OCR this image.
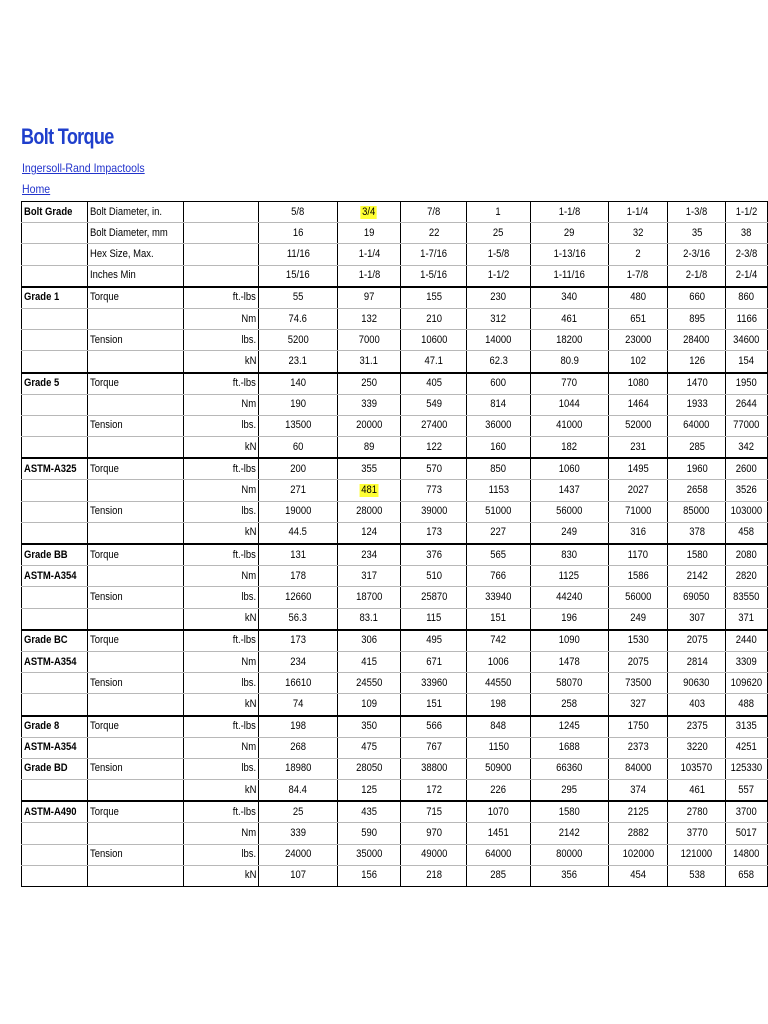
Bolt Torque
Ingersoll-Rand Impactools
Home
Bolt Grade	Bolt Diameter, in.		5/8	3/4	7/8	1	1-1/8	1-1/4	1-3/8	1-1/2
	Bolt Diameter, mm		16	19	22	25	29	32	35	38
	Hex Size, Max.		11/16	1-1/4	1-7/16	1-5/8	1-13/16	2	2-3/16	2-3/8
	Inches Min		15/16	1-1/8	1-5/16	1-1/2	1-11/16	1-7/8	2-1/8	2-1/4
Grade 1	Torque	ft.-lbs	55	97	155	230	340	480	660	860
		Nm	74.6	132	210	312	461	651	895	1166
	Tension	lbs.	5200	7000	10600	14000	18200	23000	28400	34600
		kN	23.1	31.1	47.1	62.3	80.9	102	126	154
Grade 5	Torque	ft.-lbs	140	250	405	600	770	1080	1470	1950
		Nm	190	339	549	814	1044	1464	1933	2644
	Tension	lbs.	13500	20000	27400	36000	41000	52000	64000	77000
		kN	60	89	122	160	182	231	285	342
ASTM-A325	Torque	ft.-lbs	200	355	570	850	1060	1495	1960	2600
		Nm	271	481	773	1153	1437	2027	2658	3526
	Tension	lbs.	19000	28000	39000	51000	56000	71000	85000	103000
		kN	44.5	124	173	227	249	316	378	458
Grade BB	Torque	ft.-lbs	131	234	376	565	830	1170	1580	2080
ASTM-A354		Nm	178	317	510	766	1125	1586	2142	2820
	Tension	lbs.	12660	18700	25870	33940	44240	56000	69050	83550
		kN	56.3	83.1	115	151	196	249	307	371
Grade BC	Torque	ft.-lbs	173	306	495	742	1090	1530	2075	2440
ASTM-A354		Nm	234	415	671	1006	1478	2075	2814	3309
	Tension	lbs.	16610	24550	33960	44550	58070	73500	90630	109620
		kN	74	109	151	198	258	327	403	488
Grade 8	Torque	ft.-lbs	198	350	566	848	1245	1750	2375	3135
ASTM-A354		Nm	268	475	767	1150	1688	2373	3220	4251
Grade BD	Tension	lbs.	18980	28050	38800	50900	66360	84000	103570	125330
		kN	84.4	125	172	226	295	374	461	557
ASTM-A490	Torque	ft.-lbs	25	435	715	1070	1580	2125	2780	3700
		Nm	339	590	970	1451	2142	2882	3770	5017
	Tension	lbs.	24000	35000	49000	64000	80000	102000	121000	14800
		kN	107	156	218	285	356	454	538	658
